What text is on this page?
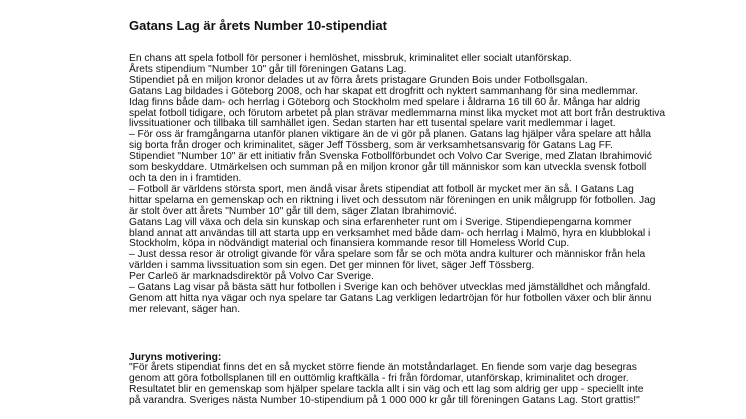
Gatans Lag är årets Number 10-stipendiat

En chans att spela fotboll för personer i hemlöshet, missbruk, kriminalitet eller socialt utanförskap.

Årets stipendium "Number 10" går till föreningen Gatans Lag.

Stipendiet på en miljon kronor delades ut av förra årets pristagare Grunden Bois under Fotbollsgalan.

Gatans Lag bildades i Göteborg 2008, och har skapat ett drogfritt och nyktert sammanhang för sina medlemmar.

Idag finns både dam- och herrlag i Göteborg och Stockholm med spelare i åldrarna 16 till 60 år. Många har aldrig

spelat fotboll tidigare, och förutom arbetet på plan strävar medlemmarna minst lika mycket mot att bort från destruktiva

livssituationer och tillbaka till samhället igen. Sedan starten har ett tusental spelare varit medlemmar i laget.

– För oss är framgångarna utanför planen viktigare än de vi gör på planen. Gatans lag hjälper våra spelare att hålla

sig borta från droger och kriminalitet, säger Jeff Tössberg, som är verksamhetsansvarig för Gatans Lag FF.

Stipendiet "Number 10" är ett initiativ från Svenska Fotbollförbundet och Volvo Car Sverige, med Zlatan Ibrahimović

som beskyddare. Utmärkelsen och summan på en miljon kronor går till människor som kan utveckla svensk fotboll

och ta den in i framtiden.

– Fotboll är världens största sport, men ändå visar årets stipendiat att fotboll är mycket mer än så. I Gatans Lag

hittar spelarna en gemenskap och en riktning i livet och dessutom när föreningen en unik målgrupp för fotbollen. Jag

är stolt över att årets "Number 10" går till dem, säger Zlatan Ibrahimović.

Gatans Lag vill växa och dela sin kunskap och sina erfarenheter runt om i Sverige. Stipendiepengarna kommer

bland annat att användas till att starta upp en verksamhet med både dam- och herrlag i Malmö, hyra en klubblokal i

Stockholm, köpa in nödvändigt material och finansiera kommande resor till Homeless World Cup.

– Just dessa resor är otroligt givande för våra spelare som får se och möta andra kulturer och människor från hela

världen i samma livssituation som sin egen. Det ger minnen för livet, säger Jeff Tössberg.

Per Carleö är marknadsdirektör på Volvo Car Sverige.

– Gatans Lag visar på bästa sätt hur fotbollen i Sverige kan och behöver utvecklas med jämställdhet och mångfald.

Genom att hitta nya vägar och nya spelare tar Gatans Lag verkligen ledartröjan för hur fotbollen växer och blir ännu

mer relevant, säger han.

Juryns motivering:

"För årets stipendiat finns det en så mycket större fiende än motståndarlaget. En fiende som varje dag besegras

genom att göra fotbollsplanen till en outtömlig kraftkälla - fri från fördomar, utanförskap, kriminalitet och droger.

Resultatet blir en gemenskap som hjälper spelare tackla allt i sin väg och ett lag som aldrig ger upp - speciellt inte

på varandra. Sveriges nästa Number 10-stipendium på 1 000 000 kr går till föreningen Gatans Lag. Stort grattis!"
